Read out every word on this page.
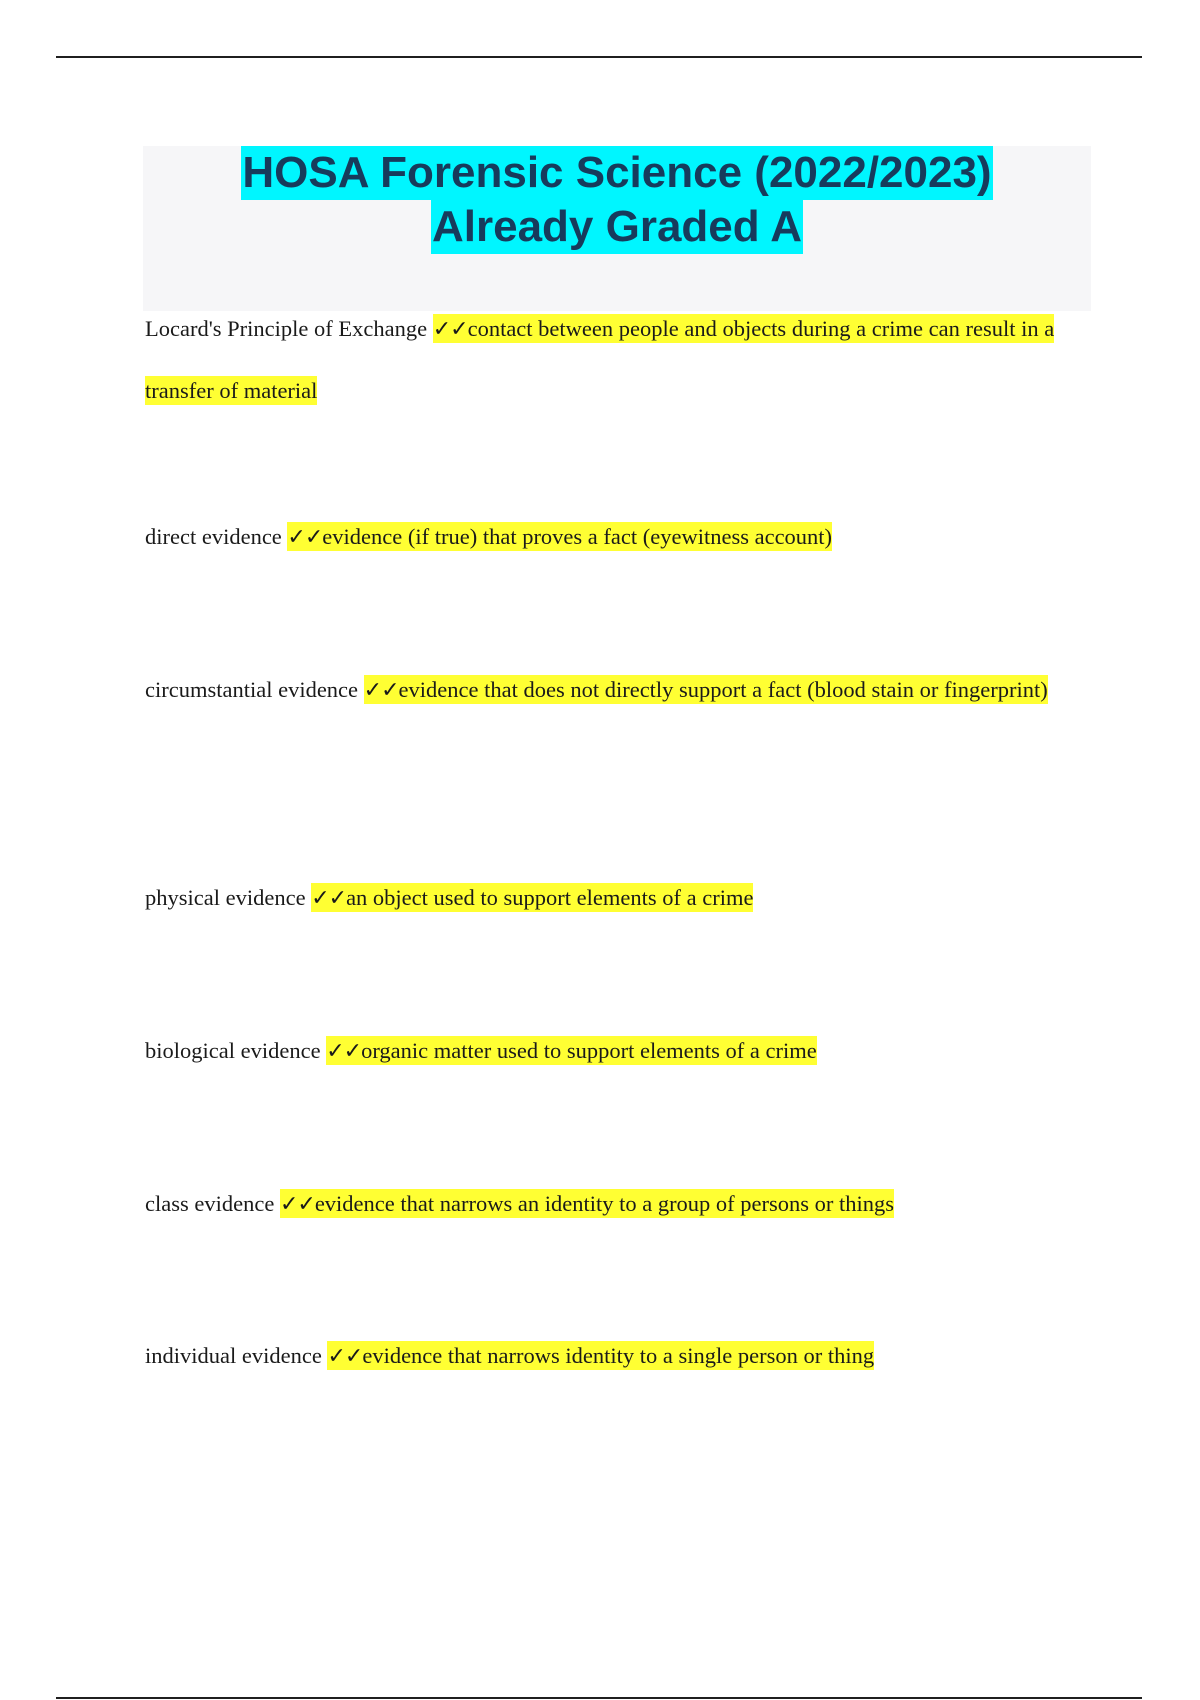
HOSA Forensic Science (2022/2023)
Already Graded A
Locard's Principle of Exchange ✓✓contact between people and objects during a crime can result in a transfer of material
direct evidence ✓✓evidence (if true) that proves a fact (eyewitness account)
circumstantial evidence ✓✓evidence that does not directly support a fact (blood stain or fingerprint)
physical evidence ✓✓an object used to support elements of a crime
biological evidence ✓✓organic matter used to support elements of a crime
class evidence ✓✓evidence that narrows an identity to a group of persons or things
individual evidence ✓✓evidence that narrows identity to a single person or thing
